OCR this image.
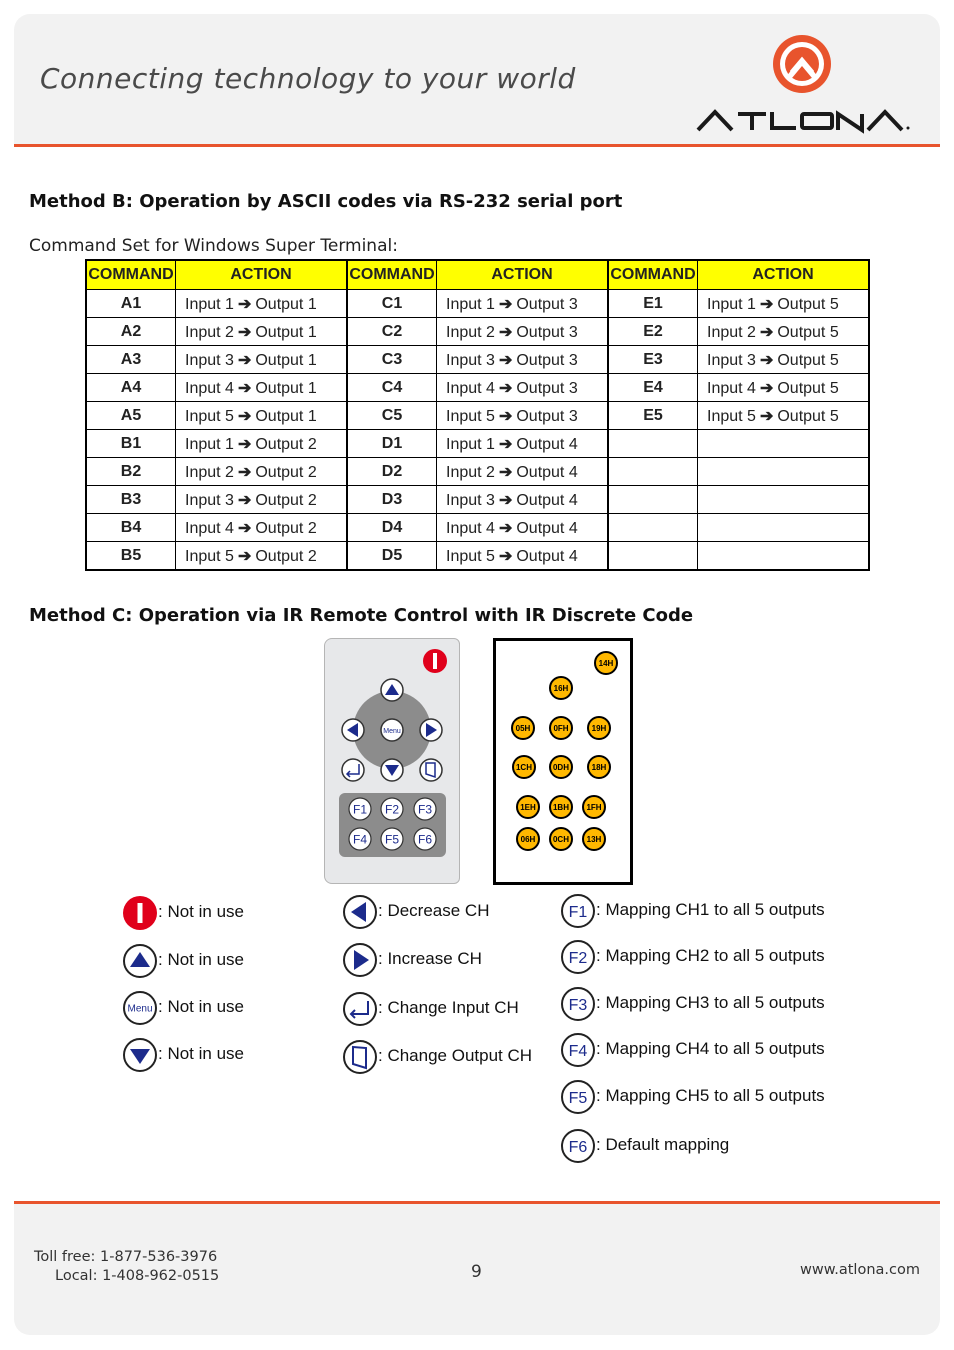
Connecting technology to your world
Method B: Operation by ASCII codes via RS-232 serial port
Command Set for Windows Super Terminal:
COMMAND	ACTION	COMMAND	ACTION	COMMAND	ACTION
A1	Input 1 ➔ Output 1	C1	Input 1 ➔ Output 3	E1	Input 1 ➔ Output 5
A2	Input 2 ➔ Output 1	C2	Input 2 ➔ Output 3	E2	Input 2 ➔ Output 5
A3	Input 3 ➔ Output 1	C3	Input 3 ➔ Output 3	E3	Input 3 ➔ Output 5
A4	Input 4 ➔ Output 1	C4	Input 4 ➔ Output 3	E4	Input 4 ➔ Output 5
A5	Input 5 ➔ Output 1	C5	Input 5 ➔ Output 3	E5	Input 5 ➔ Output 5
B1	Input 1 ➔ Output 2	D1	Input 1 ➔ Output 4		
B2	Input 2 ➔ Output 2	D2	Input 2 ➔ Output 4		
B3	Input 3 ➔ Output 2	D3	Input 3 ➔ Output 4		
B4	Input 4 ➔ Output 2	D4	Input 4 ➔ Output 4		
B5	Input 5 ➔ Output 2	D5	Input 5 ➔ Output 4		
Method C: Operation via IR Remote Control with IR Discrete Code
Menu
F1 F2 F3
F4 F5 F6
14H
16H
05H	0FH	19H
1CH	0DH	18H
1EH 1BH 1FH
06H 0CH 13H
: Not in use
: Not in use
Menu : Not in use
: Not in use
: Decrease CH
: Increase CH
: Change Input CH
: Change Output CH
F1 : Mapping CH1 to all 5 outputs
F2 : Mapping CH2 to all 5 outputs
F3 : Mapping CH3 to all 5 outputs
F4 : Mapping CH4 to all 5 outputs
F5 : Mapping CH5 to all 5 outputs
F6 : Default mapping
Toll free: 1-877-536-3976
Local: 1-408-962-0515	9	www.atlona.com
